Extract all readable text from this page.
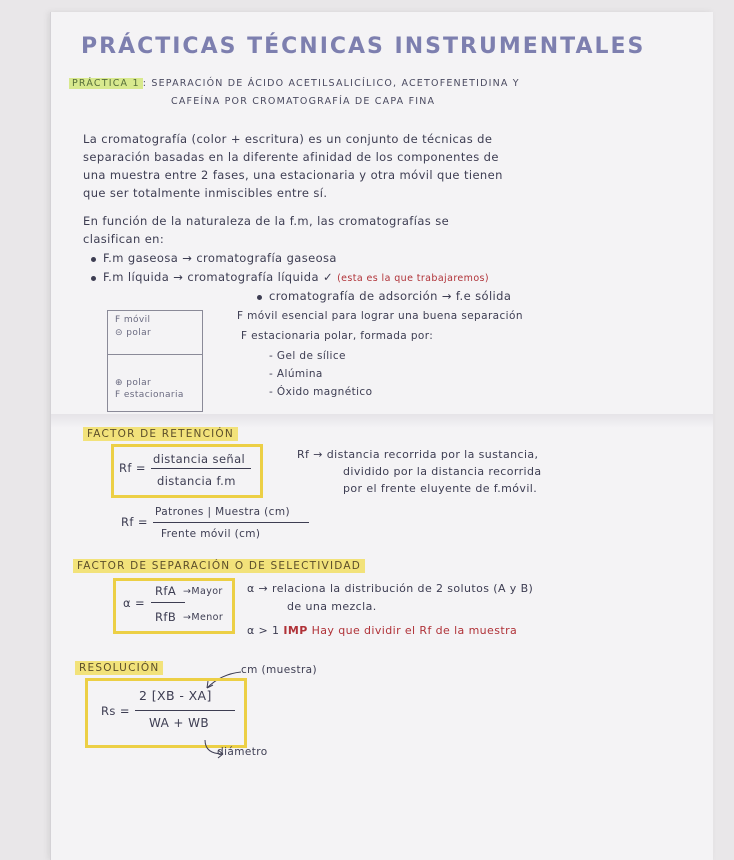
PRÁCTICAS TÉCNICAS INSTRUMENTALES
PRÁCTICA 1 : SEPARACIÓN DE ÁCIDO ACETILSALICÍLICO, ACETOFENETIDINA Y
CAFEÍNA POR CROMATOGRAFÍA DE CAPA FINA
La cromatografía (color + escritura) es un conjunto de técnicas de
separación basadas en la diferente afinidad de los componentes de
una muestra entre 2 fases, una estacionaria y otra móvil que tienen
que ser totalmente inmiscibles entre sí.
En función de la naturaleza de la f.m, las cromatografías se
clasifican en:
F.m gaseosa → cromatografía gaseosa
F.m líquida → cromatografía líquida ✓ (esta es la que trabajaremos)
cromatografía de adsorción → f.e sólida
F móvil
⊝ polar
⊕ polar
F estacionaria
F móvil esencial para lograr una buena separación
F estacionaria polar, formada por:
- Gel de sílice
- Alúmina
- Óxido magnético
FACTOR DE RETENCIÓN
Rf =
distancia señal
distancia f.m
Rf → distancia recorrida por la sustancia,
dividido por la distancia recorrida
por el frente eluyente de f.móvil.
Rf =
Patrones | Muestra (cm)
Frente móvil (cm)
FACTOR DE SEPARACIÓN O DE SELECTIVIDAD
α =
RfA
RfB
→Mayor
→Menor
α → relaciona la distribución de 2 solutos (A y B)
de una mezcla.
α > 1 IMP Hay que dividir el Rf de la muestra
RESOLUCIÓN	cm (muestra)
Rs =
2 [XB - XA]
WA + WB
diámetro
